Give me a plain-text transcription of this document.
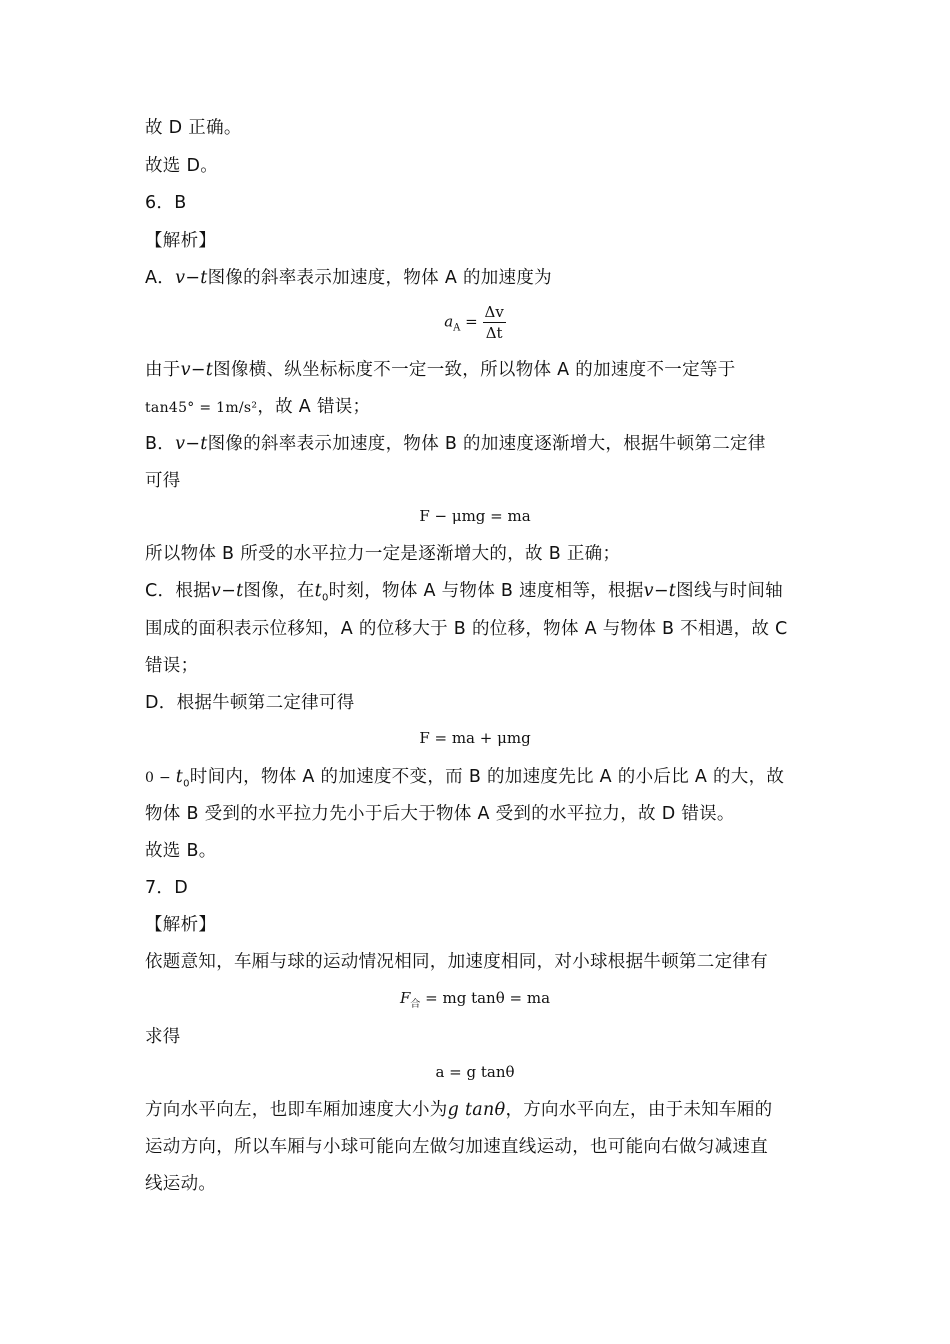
故 D 正确。
故选 D。
6．B
【解析】
A．v−t图像的斜率表示加速度，物体 A 的加速度为
$a_A = \frac{\Delta v}{\Delta t}$
由于v−t图像横、纵坐标标度不一定一致，所以物体 A 的加速度不一定等于
tan45° = 1m/s²，故 A 错误；
B．v−t图像的斜率表示加速度，物体 B 的加速度逐渐增大，根据牛顿第二定律
可得
F − μmg = ma
所以物体 B 所受的水平拉力一定是逐渐增大的，故 B 正确；
C．根据v−t图像，在$t_0$时刻，物体 A 与物体 B 速度相等，根据v−t图线与时间轴
围成的面积表示位移知，A 的位移大于 B 的位移，物体 A 与物体 B 不相遇，故 C
错误；
D．根据牛顿第二定律可得
F = ma + μmg
$0 - t_0$时间内，物体 A 的加速度不变，而 B 的加速度先比 A 的小后比 A 的大，故
物体 B 受到的水平拉力先小于后大于物体 A 受到的水平拉力，故 D 错误。
故选 B。
7．D
【解析】
依题意知，车厢与球的运动情况相同，加速度相同，对小球根据牛顿第二定律有
$F_合$ = mg tanθ = ma
求得
a = g tanθ
方向水平向左，也即车厢加速度大小为g tanθ，方向水平向左，由于未知车厢的
运动方向，所以车厢与小球可能向左做匀加速直线运动，也可能向右做匀减速直
线运动。
